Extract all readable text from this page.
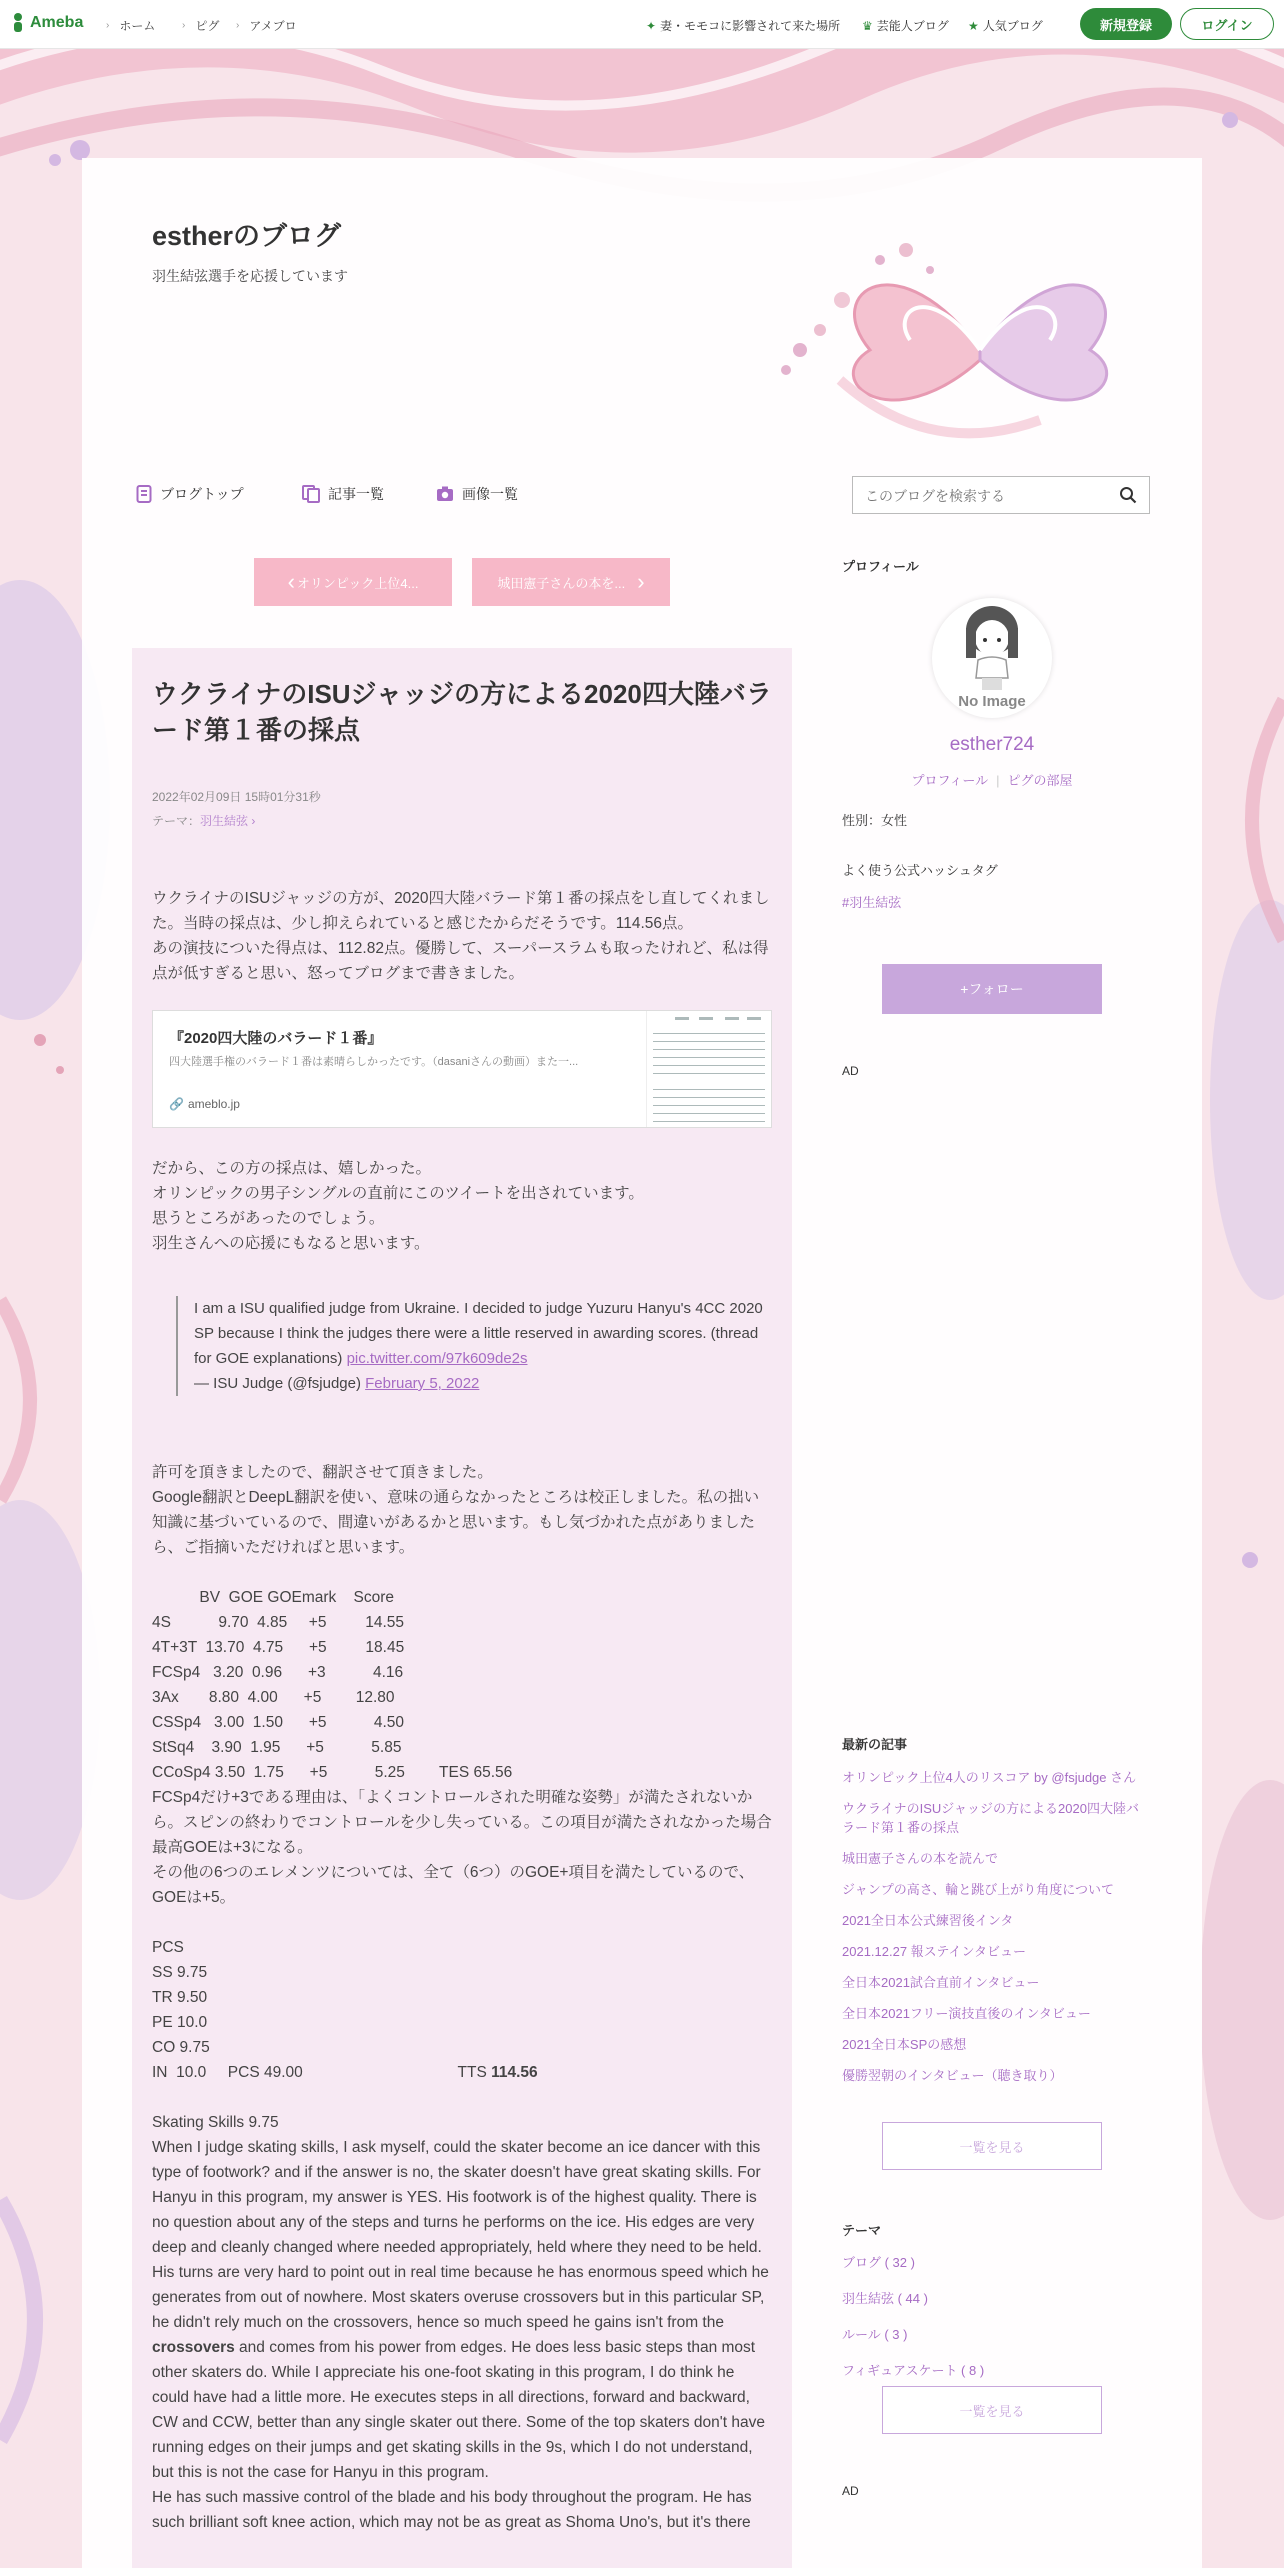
Ameba › ホーム	› ピグ › アメブロ	✦ 妻・モモコに影響されて来た場所 ♛ 芸能人ブログ ★ 人気ブログ	新規登録	ログイン
estherのブログ
羽生結弦選手を応援しています
ブログトップ	記事一覧	画像一覧
このブログを検索する
‹ オリンピック上位4...	城田憲子さんの本を... ›
ウクライナのISUジャッジの方による2020四大陸バラード第１番の採点
2022年02月09日 15時01分31秒
テーマ：羽生結弦 ›

ウクライナのISUジャッジの方が、2020四大陸バラード第１番の採点をし直してくれました。当時の採点は、少し抑えられていると感じたからだそうです。114.56点。

あの演技についた得点は、112.82点。優勝して、スーパースラムも取ったけれど、私は得点が低すぎると思い、怒ってブログまで書きました。

『2020四大陸のバラード１番』
四大陸選手権のバラード１番は素晴らしかったです。（dasaniさんの動画）また一...
🔗 ameblo.jp

だから、この方の採点は、嬉しかった。

オリンピックの男子シングルの直前にこのツイートを出されています。

思うところがあったのでしょう。

羽生さんへの応援にもなると思います。

I am a ISU qualified judge from Ukraine. I decided to judge Yuzuru Hanyu's 4CC 2020 SP because I think the judges there were a little reserved in awarding scores. (thread for GOE explanations) pic.twitter.com/97k609de2s
— ISU Judge (@fsjudge) February 5, 2022

許可を頂きましたので、翻訳させて頂きました。

Google翻訳とDeepL翻訳を使い、意味の通らなかったところは校正しました。私の拙い知識に基づいているので、間違いがあるかと思います。もし気づかれた点がありましたら、ご指摘いただければと思います。

BV  GOE GOEmark    Score

4S           9.70  4.85     +5         14.55

4T+3T  13.70  4.75      +5         18.45

FCSp4   3.20  0.96      +3           4.16

3Ax       8.80  4.00      +5        12.80

CSSp4   3.00  1.50      +5           4.50

StSq4    3.90  1.95      +5           5.85

CCoSp4 3.50  1.75      +5           5.25        TES 65.56

FCSp4だけ+3である理由は、「よくコントロールされた明確な姿勢」が満たされないから。スピンの終わりでコントロールを少し失っている。この項目が満たされなかった場合最高GOEは+3になる。

その他の6つのエレメンツについては、全て（6つ）のGOE+項目を満たしているので、GOEは+5。

PCS

SS 9.75

TR 9.50

PE 10.0

CO 9.75

IN  10.0     PCS 49.00                                    TTS 114.56

Skating Skills 9.75

When I judge skating skills, I ask myself, could the skater become an ice dancer with this type of footwork? and if the answer is no, the skater doesn't have great skating skills. For Hanyu in this program, my answer is YES. His footwork is of the highest quality. There is no question about any of the steps and turns he performs on the ice. His edges are very deep and cleanly changed where needed appropriately, held where they need to be held. His turns are very hard to point out in real time because he has enormous speed which he generates from out of nowhere. Most skaters overuse crossovers but in this particular SP, he didn't rely much on the crossovers, hence so much speed he gains isn't from the crossovers and comes from his power from edges. He does less basic steps than most other skaters do. While I appreciate his one-foot skating in this program, I do think he could have had a little more. He executes steps in all directions, forward and backward, CW and CCW, better than any single skater out there. Some of the top skaters don't have running edges on their jumps and get skating skills in the 9s, which I do not understand, but this is not the case for Hanyu in this program.

He has such massive control of the blade and his body throughout the program. He has such brilliant soft knee action, which may not be as great as Shoma Uno's, but it's there

プロフィール
No Image
esther724
プロフィール | ピグの部屋
性別：女性
よく使う公式ハッシュタグ
#羽生結弦
+フォロー
AD
最新の記事
オリンピック上位4人のリスコア by @fsjudge さん
ウクライナのISUジャッジの方による2020四大陸バラード第１番の採点
城田憲子さんの本を読んで
ジャンプの高さ、輪と跳び上がり角度について
2021全日本公式練習後インタ
2021.12.27 報ステインタビュー
全日本2021試合直前インタビュー
全日本2021フリー演技直後のインタビュー
2021全日本SPの感想
優勝翌朝のインタビュー（聴き取り）
一覧を見る
テーマ
ブログ ( 32 )
羽生結弦 ( 44 )
ルール ( 3 )
フィギュアスケート ( 8 )
一覧を見る
AD
